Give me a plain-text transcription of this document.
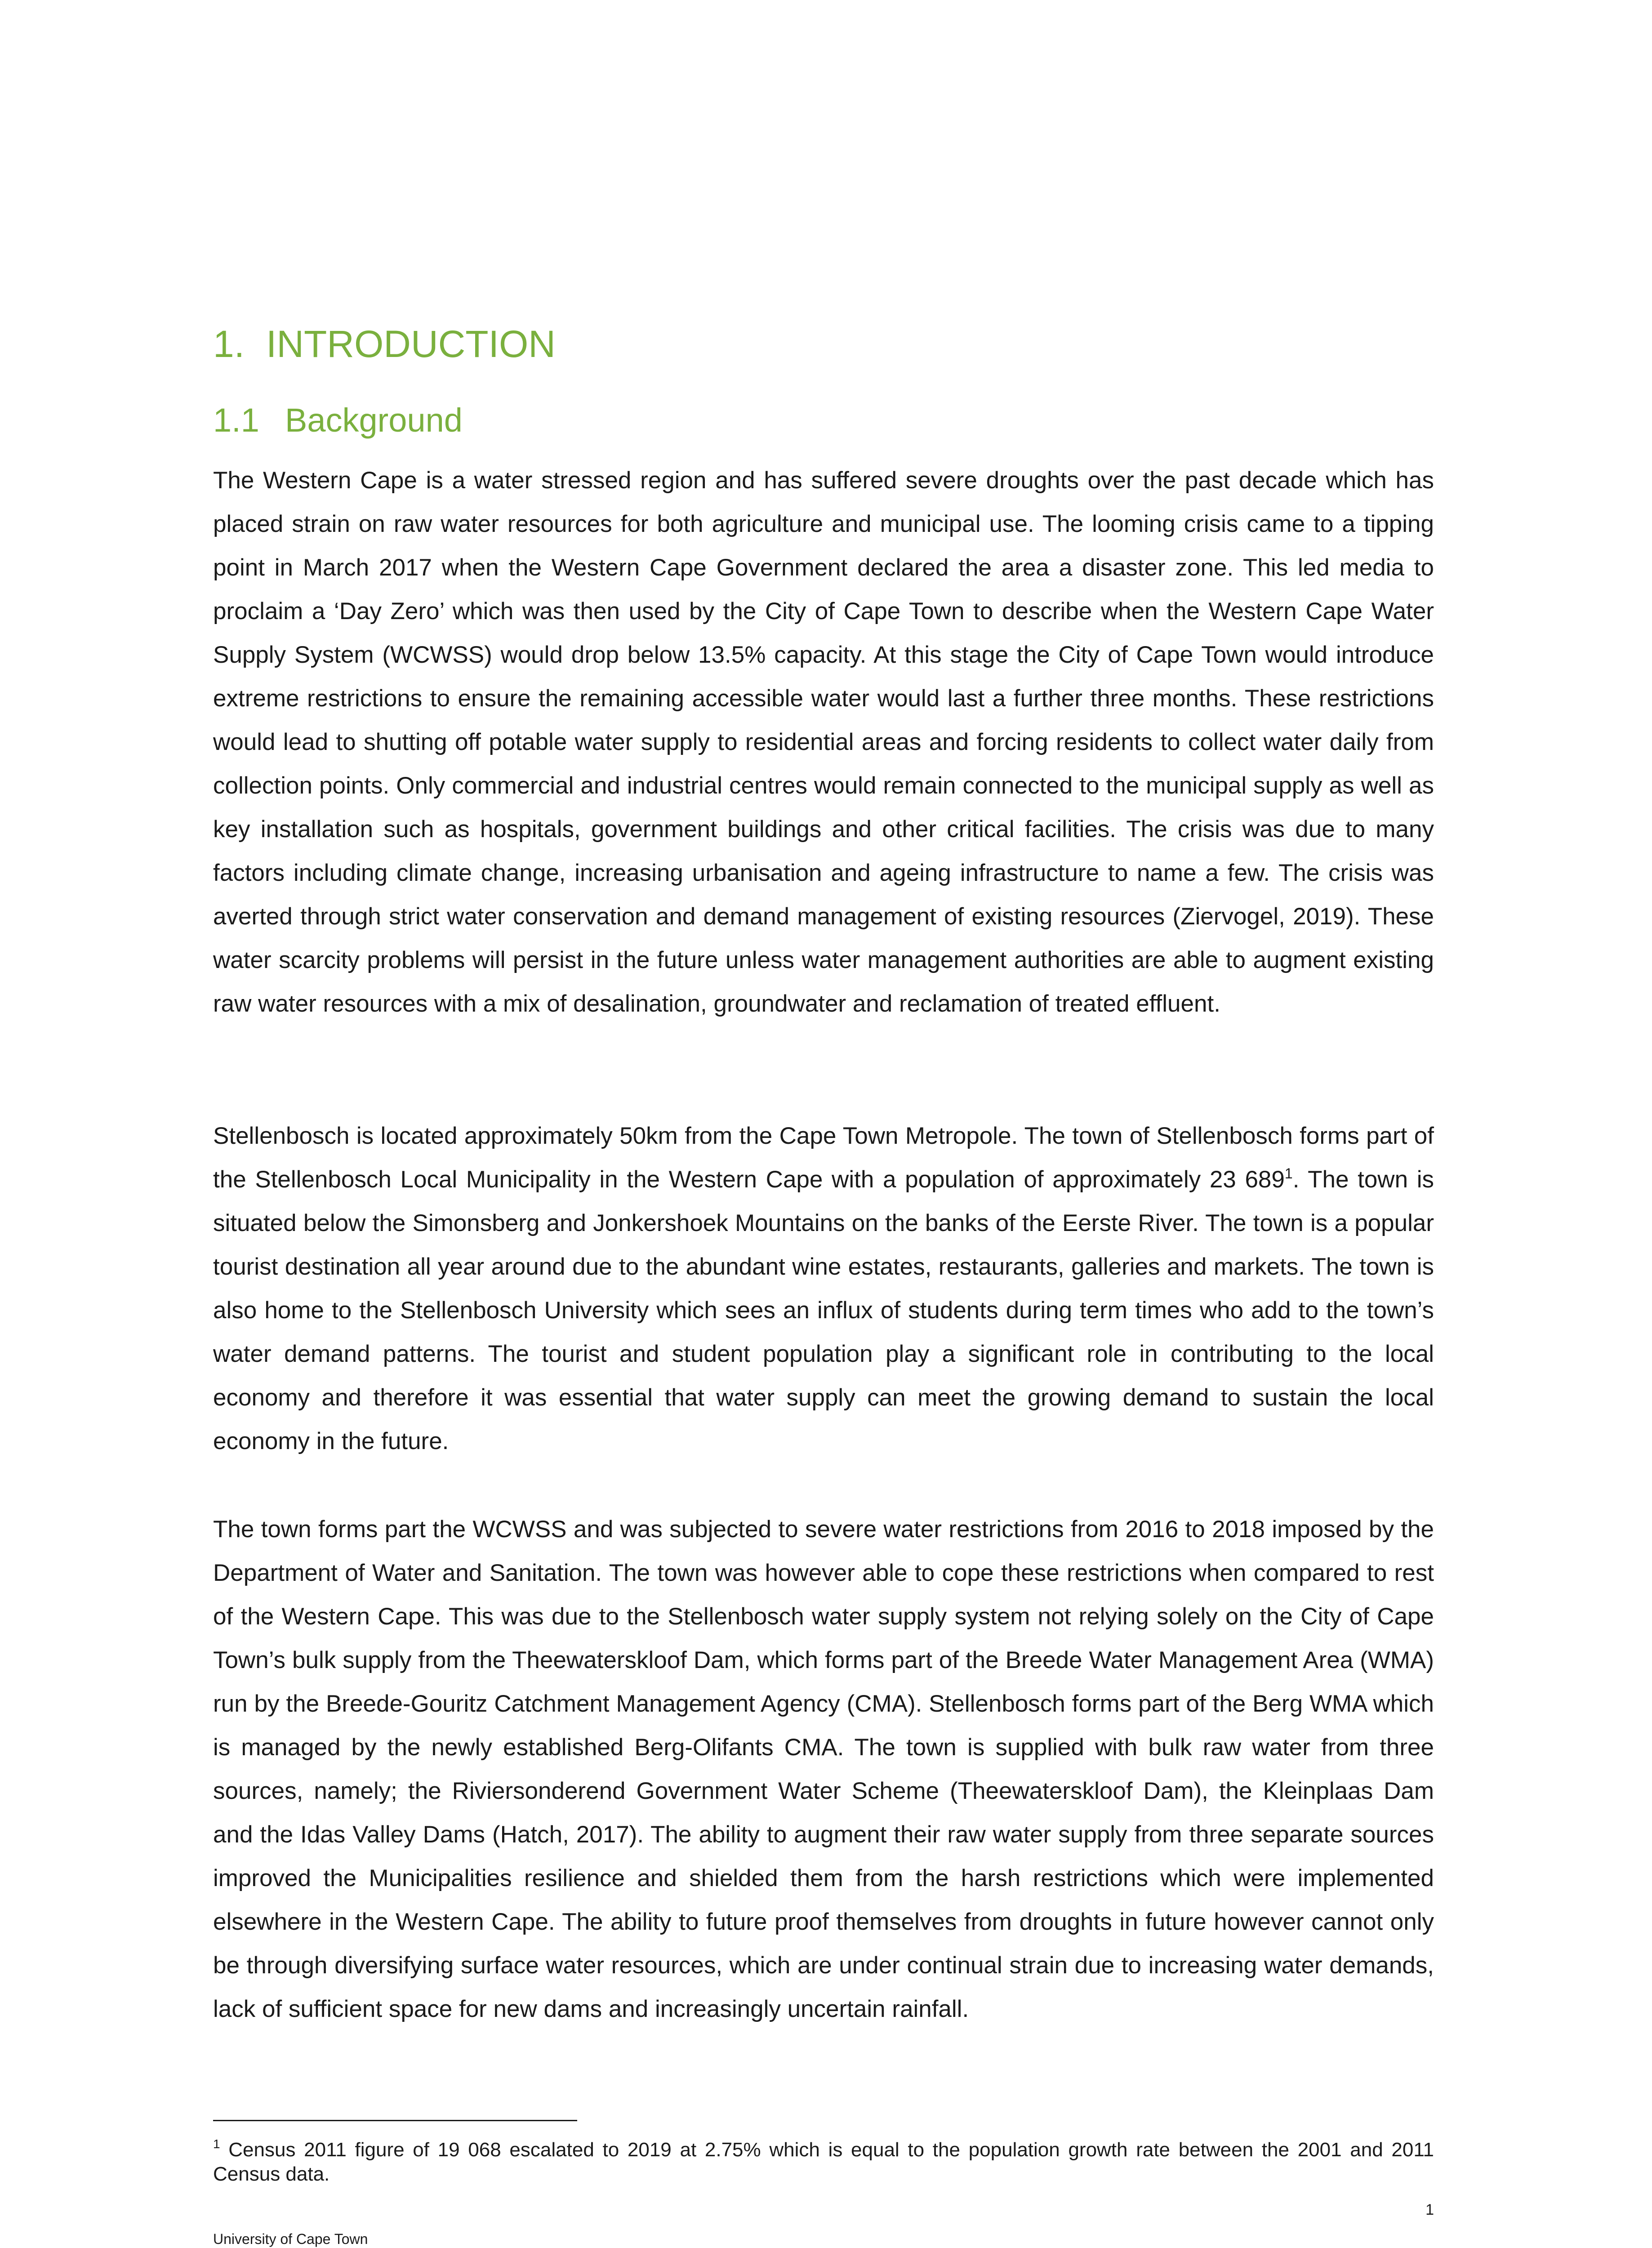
1. INTRODUCTION
1.1 Background

The Western Cape is a water stressed region and has suffered severe droughts over the past decade which has placed strain on raw water resources for both agriculture and municipal use. The looming crisis came to a tipping point in March 2017 when the Western Cape Government declared the area a disaster zone. This led media to proclaim a ‘Day Zero’ which was then used by the City of Cape Town to describe when the Western Cape Water Supply System (WCWSS) would drop below 13.5% capacity. At this stage the City of Cape Town would introduce extreme restrictions to ensure the remaining accessible water would last a further three months. These restrictions would lead to shutting off potable water supply to residential areas and forcing residents to collect water daily from collection points. Only commercial and industrial centres would remain connected to the municipal supply as well as key installation such as hospitals, government buildings and other critical facilities. The crisis was due to many factors including climate change, increasing urbanisation and ageing infrastructure to name a few. The crisis was averted through strict water conservation and demand management of existing resources (Ziervogel, 2019). These water scarcity problems will persist in the future unless water management authorities are able to augment existing raw water resources with a mix of desalination, groundwater and reclamation of treated effluent.

Stellenbosch is located approximately 50km from the Cape Town Metropole. The town of Stellenbosch forms part of the Stellenbosch Local Municipality in the Western Cape with a population of approximately 23 $689^1$. The town is situated below the Simonsberg and Jonkershoek Mountains on the banks of the Eerste River. The town is a popular tourist destination all year around due to the abundant wine estates, restaurants, galleries and markets. The town is also home to the Stellenbosch University which sees an influx of students during term times who add to the town’s water demand patterns. The tourist and student population play a significant role in contributing to the local economy and therefore it was essential that water supply can meet the growing demand to sustain the local economy in the future.

The town forms part the WCWSS and was subjected to severe water restrictions from 2016 to 2018 imposed by the Department of Water and Sanitation. The town was however able to cope these restrictions when compared to rest of the Western Cape. This was due to the Stellenbosch water supply system not relying solely on the City of Cape Town’s bulk supply from the Theewaterskloof Dam, which forms part of the Breede Water Management Area (WMA) run by the Breede-Gouritz Catchment Management Agency (CMA). Stellenbosch forms part of the Berg WMA which is managed by the newly established Berg-Olifants CMA. The town is supplied with bulk raw water from three sources, namely; the Riviersonderend Government Water Scheme (Theewaterskloof Dam), the Kleinplaas Dam and the Idas Valley Dams (Hatch, 2017). The ability to augment their raw water supply from three separate sources improved the Municipalities resilience and shielded them from the harsh restrictions which were implemented elsewhere in the Western Cape. The ability to future proof themselves from droughts in future however cannot only be through diversifying surface water resources, which are under continual strain due to increasing water demands, lack of sufficient space for new dams and increasingly uncertain rainfall.

$^1$ Census 2011 figure of 19 068 escalated to 2019 at 2.75% which is equal to the population growth rate between the 2001 and 2011 Census data.

1
University of Cape Town
